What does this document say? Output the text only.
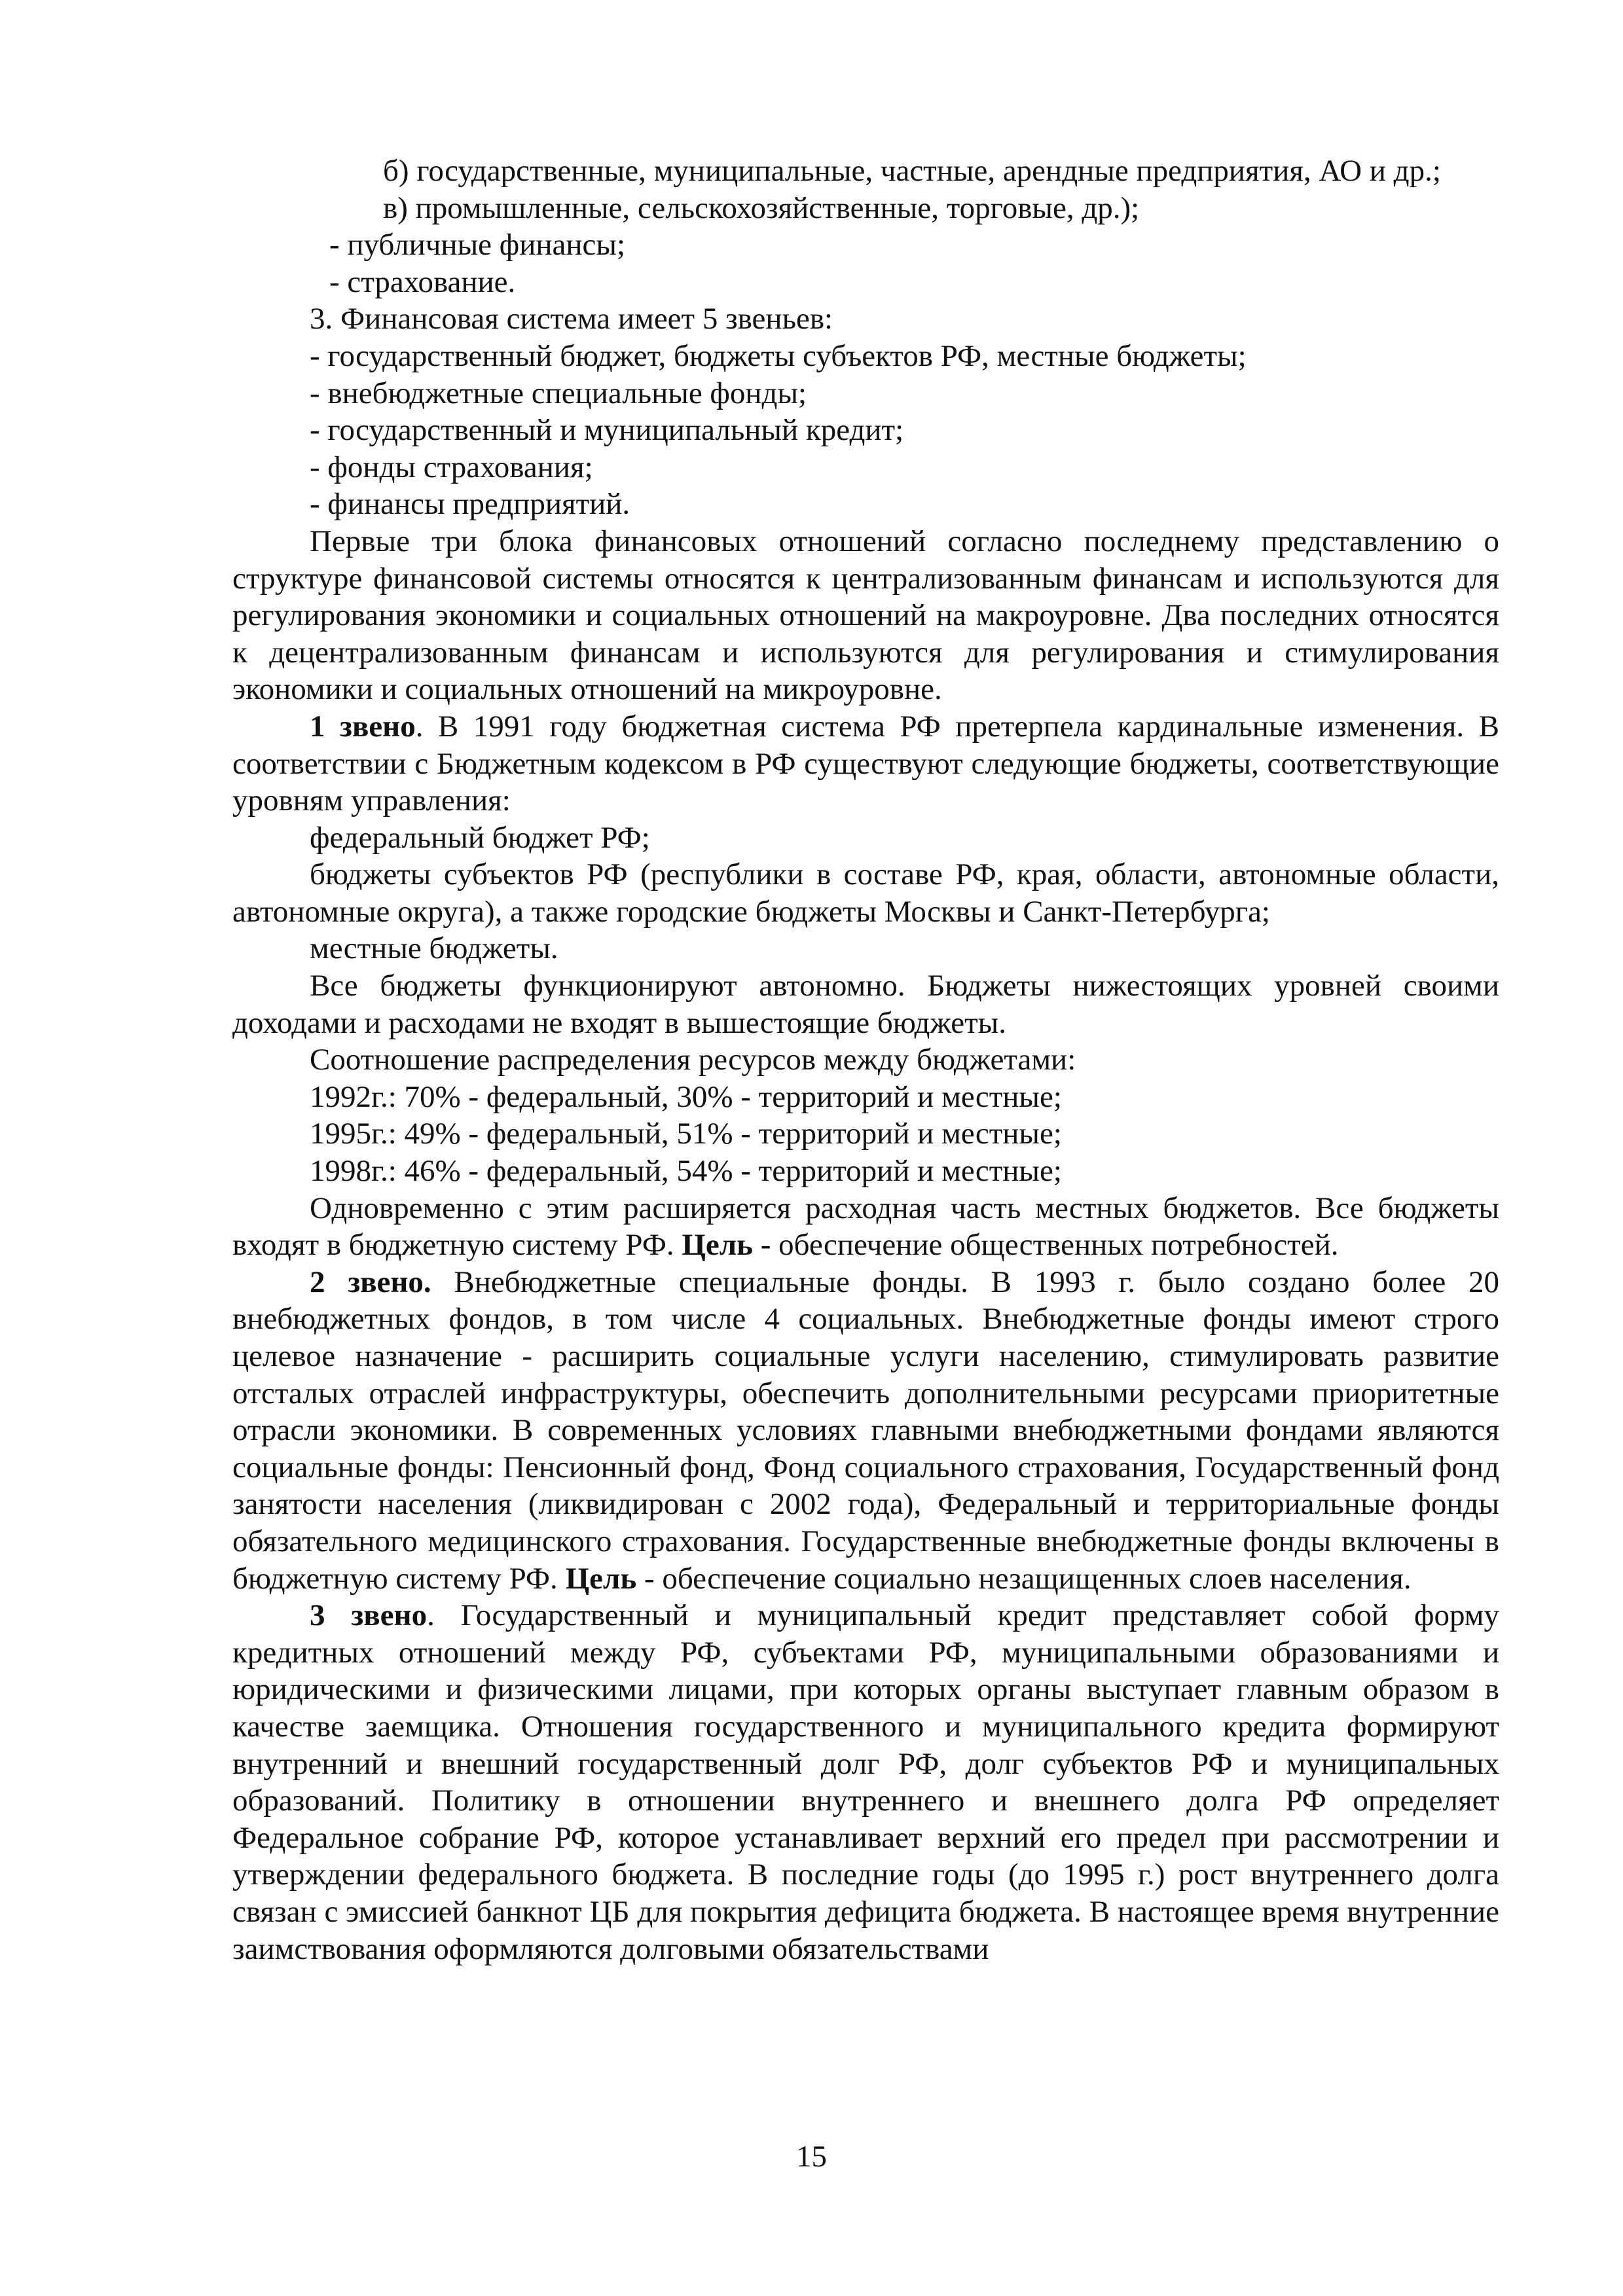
б) государственные, муниципальные, частные, арендные предприятия, АО и др.;

в) промышленные, сельскохозяйственные, торговые, др.);

- публичные финансы;

- страхование.

3. Финансовая система имеет 5 звеньев:

- государственный бюджет, бюджеты субъектов РФ, местные бюджеты;

- внебюджетные специальные фонды;

- государственный и муниципальный кредит;

- фонды страхования;

- финансы предприятий.

Первые три блока финансовых отношений согласно последнему представлению о структуре финансовой системы относятся к централизованным финансам и используются для регулирования экономики и социальных отношений на макроуровне. Два последних относятся к децентрализованным финансам и используются для регулирования и стимулирования экономики и социальных отношений на микроуровне.

1 звено. В 1991 году бюджетная система РФ претерпела кардинальные изменения. В соответствии с Бюджетным кодексом в РФ существуют следующие бюджеты, соответствующие уровням управления:

федеральный бюджет РФ;

бюджеты субъектов РФ (республики в составе РФ, края, области, автономные области, автономные округа), а также городские бюджеты Москвы и Санкт-Петербурга;

местные бюджеты.

Все бюджеты функционируют автономно. Бюджеты нижестоящих уровней своими доходами и расходами не входят в вышестоящие бюджеты.

Соотношение распределения ресурсов между бюджетами:

1992г.: 70% - федеральный, 30% - территорий и местные;

1995г.: 49% - федеральный, 51% - территорий и местные;

1998г.: 46% - федеральный, 54% - территорий и местные;

Одновременно с этим расширяется расходная часть местных бюджетов. Все бюджеты входят в бюджетную систему РФ. Цель - обеспечение общественных потребностей.

2 звено. Внебюджетные специальные фонды. В 1993 г. было создано более 20 внебюджетных фондов, в том числе 4 социальных. Внебюджетные фонды имеют строго целевое назначение - расширить социальные услуги населению, стимулировать развитие отсталых отраслей инфраструктуры, обеспечить дополнительными ресурсами приоритетные отрасли экономики. В современных условиях главными внебюджетными фондами являются социальные фонды: Пенсионный фонд, Фонд социального страхования, Государственный фонд занятости населения (ликвидирован с 2002 года), Федеральный и территориальные фонды обязательного медицинского страхования. Государственные внебюджетные фонды включены в бюджетную систему РФ. Цель - обеспечение социально незащищенных слоев населения.

3 звено. Государственный и муниципальный кредит представляет собой форму кредитных отношений между РФ, субъектами РФ, муниципальными образованиями и юридическими и физическими лицами, при которых органы выступает главным образом в качестве заемщика. Отношения государственного и муниципального кредита формируют внутренний и внешний государственный долг РФ, долг субъектов РФ и муниципальных образований. Политику в отношении внутреннего и внешнего долга РФ определяет Федеральное собрание РФ, которое устанавливает верхний его предел при рассмотрении и утверждении федерального бюджета. В последние годы (до 1995 г.) рост внутреннего долга связан с эмиссией банкнот ЦБ для покрытия дефицита бюджета. В настоящее время внутренние заимствования оформляются долговыми обязательствами

15
